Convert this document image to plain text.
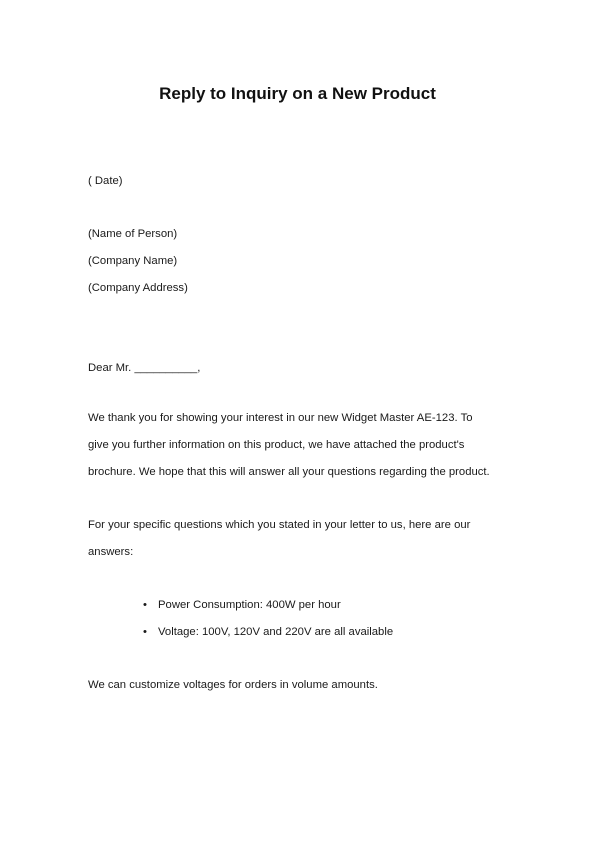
Reply to Inquiry on a New Product
( Date)
(Name of Person)
(Company Name)
(Company Address)
Dear Mr. __________,
We thank you for showing your interest in our new Widget Master AE-123. To
give you further information on this product, we have attached the product's
brochure. We hope that this will answer all your questions regarding the product.
For your specific questions which you stated in your letter to us, here are our
answers:
• Power Consumption: 400W per hour
• Voltage: 100V, 120V and 220V are all available
We can customize voltages for orders in volume amounts.
